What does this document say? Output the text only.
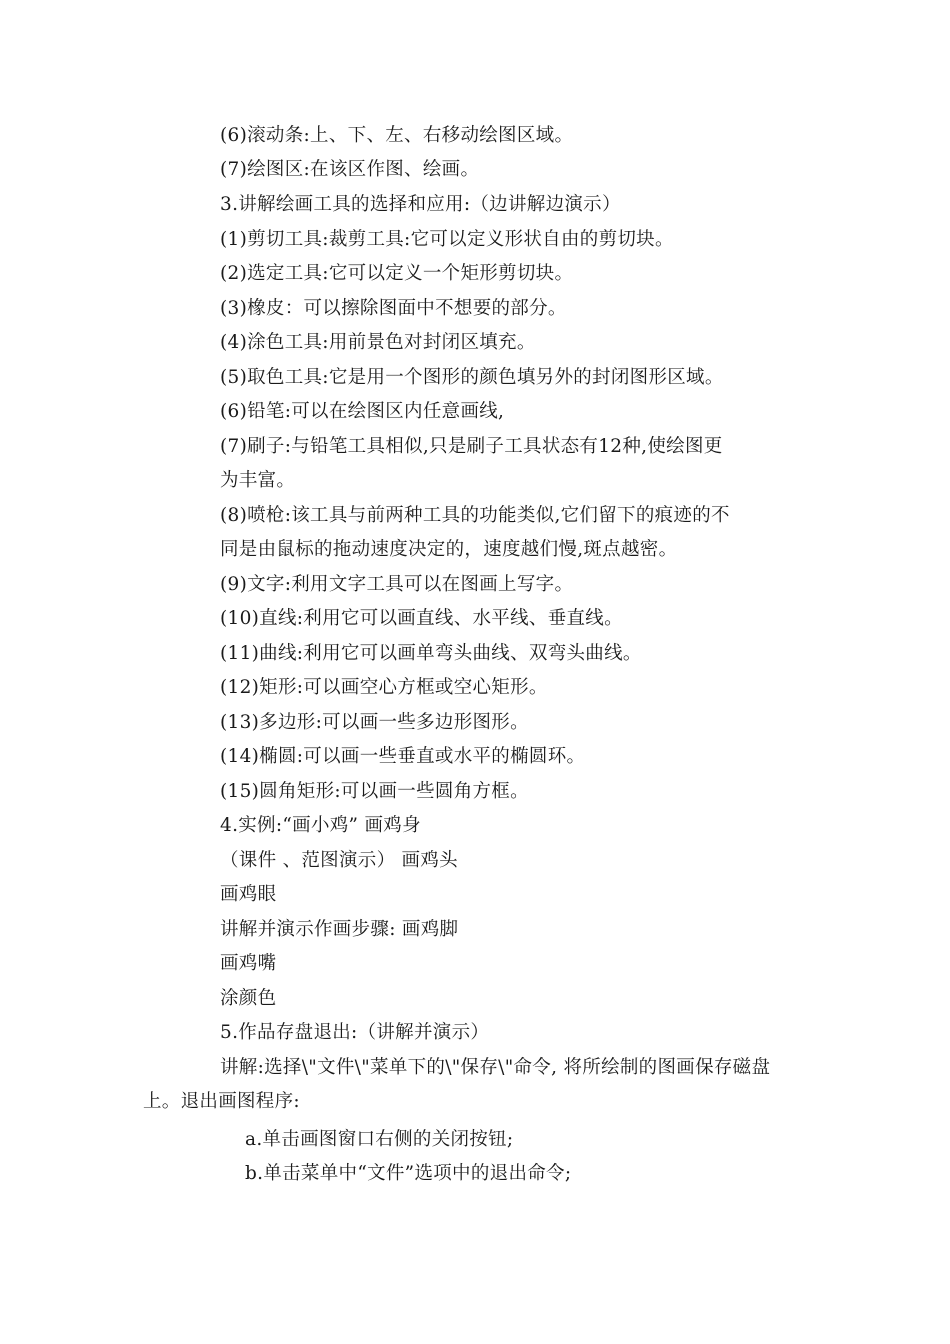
(6)滚动条:上、下、左、右移动绘图区域。
(7)绘图区:在该区作图、绘画。
3.讲解绘画工具的选择和应用:（边讲解边演示）
(1)剪切工具:裁剪工具:它可以定义形状自由的剪切块。
(2)选定工具:它可以定义一个矩形剪切块。
(3)橡皮：可以擦除图面中不想要的部分。
(4)涂色工具:用前景色对封闭区填充。
(5)取色工具:它是用一个图形的颜色填另外的封闭图形区域。
(6)铅笔:可以在绘图区内任意画线,
(7)刷子:与铅笔工具相似,只是刷子工具状态有12种,使绘图更
为丰富。
(8)喷枪:该工具与前两种工具的功能类似,它们留下的痕迹的不
同是由鼠标的拖动速度决定的，速度越们慢,斑点越密。
(9)文字:利用文字工具可以在图画上写字。
(10)直线:利用它可以画直线、水平线、垂直线。
(11)曲线:利用它可以画单弯头曲线、双弯头曲线。
(12)矩形:可以画空心方框或空心矩形。
(13)多边形:可以画一些多边形图形。
(14)椭圆:可以画一些垂直或水平的椭圆环。
(15)圆角矩形:可以画一些圆角方框。
4.实例:“画小鸡” 画鸡身
（课件 、范图演示） 画鸡头
画鸡眼
讲解并演示作画步骤: 画鸡脚
画鸡嘴
涂颜色
5.作品存盘退出:（讲解并演示）
讲解:选择\"文件\"菜单下的\"保存\"命令, 将所绘制的图画保存磁盘
上。退出画图程序:
a.单击画图窗口右侧的关闭按钮;
b.单击菜单中“文件”选项中的退出命令;
